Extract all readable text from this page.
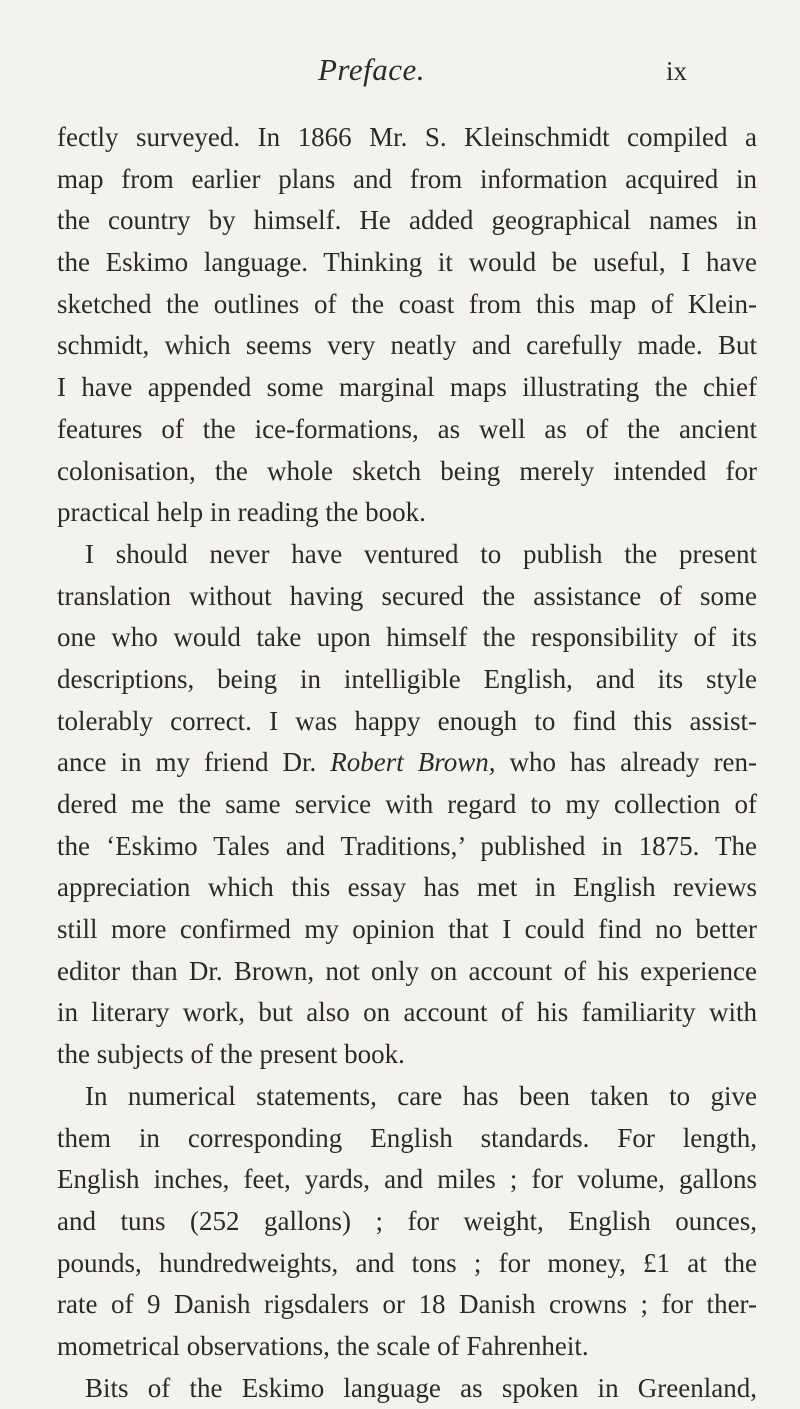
Preface.	ix
fectly surveyed. In 1866 Mr. S. Kleinschmidt compiled a
map from earlier plans and from information acquired in
the country by himself. He added geographical names in
the Eskimo language. Thinking it would be useful, I have
sketched the outlines of the coast from this map of Klein-
schmidt, which seems very neatly and carefully made. But
I have appended some marginal maps illustrating the chief
features of the ice-formations, as well as of the ancient
colonisation, the whole sketch being merely intended for
practical help in reading the book.
I should never have ventured to publish the present
translation without having secured the assistance of some
one who would take upon himself the responsibility of its
descriptions, being in intelligible English, and its style
tolerably correct. I was happy enough to find this assist-
ance in my friend Dr. Robert Brown, who has already ren-
dered me the same service with regard to my collection of
the ‘Eskimo Tales and Traditions,’ published in 1875. The
appreciation which this essay has met in English reviews
still more confirmed my opinion that I could find no better
editor than Dr. Brown, not only on account of his experience
in literary work, but also on account of his familiarity with
the subjects of the present book.
In numerical statements, care has been taken to give
them in corresponding English standards. For length,
English inches, feet, yards, and miles ; for volume, gallons
and tuns (252 gallons) ; for weight, English ounces,
pounds, hundredweights, and tons ; for money, £1 at the
rate of 9 Danish rigsdalers or 18 Danish crowns ; for ther-
mometrical observations, the scale of Fahrenheit.
Bits of the Eskimo language as spoken in Greenland,
